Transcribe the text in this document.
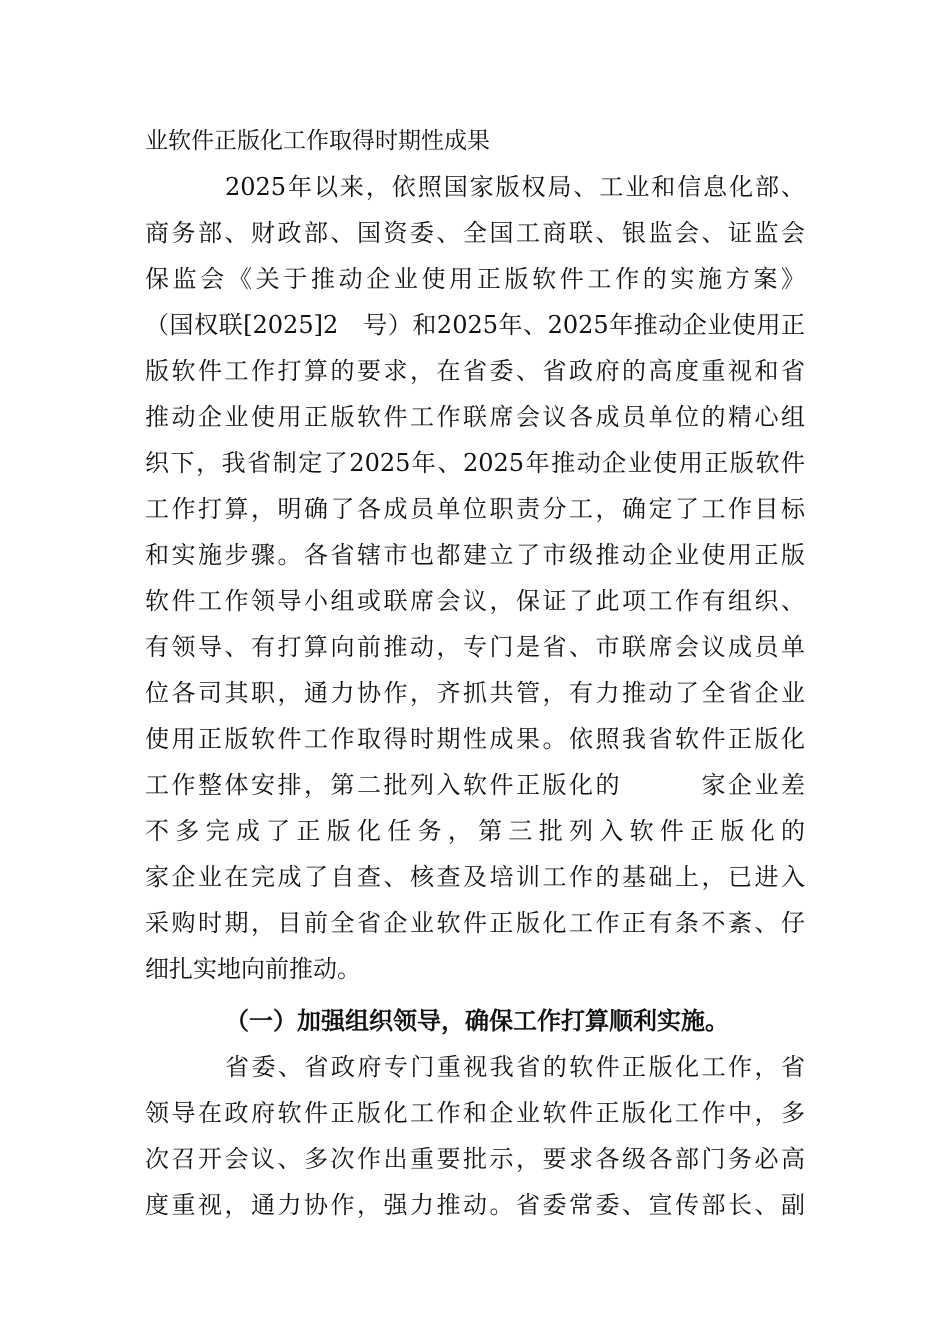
业软件正版化工作取得时期性成果
2025年以来，依照国家版权局、工业和信息化部、
商务部、财政部、国资委、全国工商联、银监会、证监会
保监会《关于推动企业使用正版软件工作的实施方案》
（国权联[2025]2　号）和2025年、2025年推动企业使用正
版软件工作打算的要求，在省委、省政府的高度重视和省
推动企业使用正版软件工作联席会议各成员单位的精心组
织下，我省制定了2025年、2025年推动企业使用正版软件
工作打算，明确了各成员单位职责分工，确定了工作目标
和实施步骤。各省辖市也都建立了市级推动企业使用正版
软件工作领导小组或联席会议，保证了此项工作有组织、
有领导、有打算向前推动，专门是省、市联席会议成员单
位各司其职，通力协作，齐抓共管，有力推动了全省企业
使用正版软件工作取得时期性成果。依照我省软件正版化
工作整体安排，第二批列入软件正版化的　　　家企业差
不多完成了正版化任务，第三批列入软件正版化的
家企业在完成了自查、核查及培训工作的基础上，已进入
采购时期，目前全省企业软件正版化工作正有条不紊、仔
细扎实地向前推动。
（一）加强组织领导，确保工作打算顺利实施。
省委、省政府专门重视我省的软件正版化工作，省
领导在政府软件正版化工作和企业软件正版化工作中，多
次召开会议、多次作出重要批示，要求各级各部门务必高
度重视，通力协作，强力推动。省委常委、宣传部长、副
